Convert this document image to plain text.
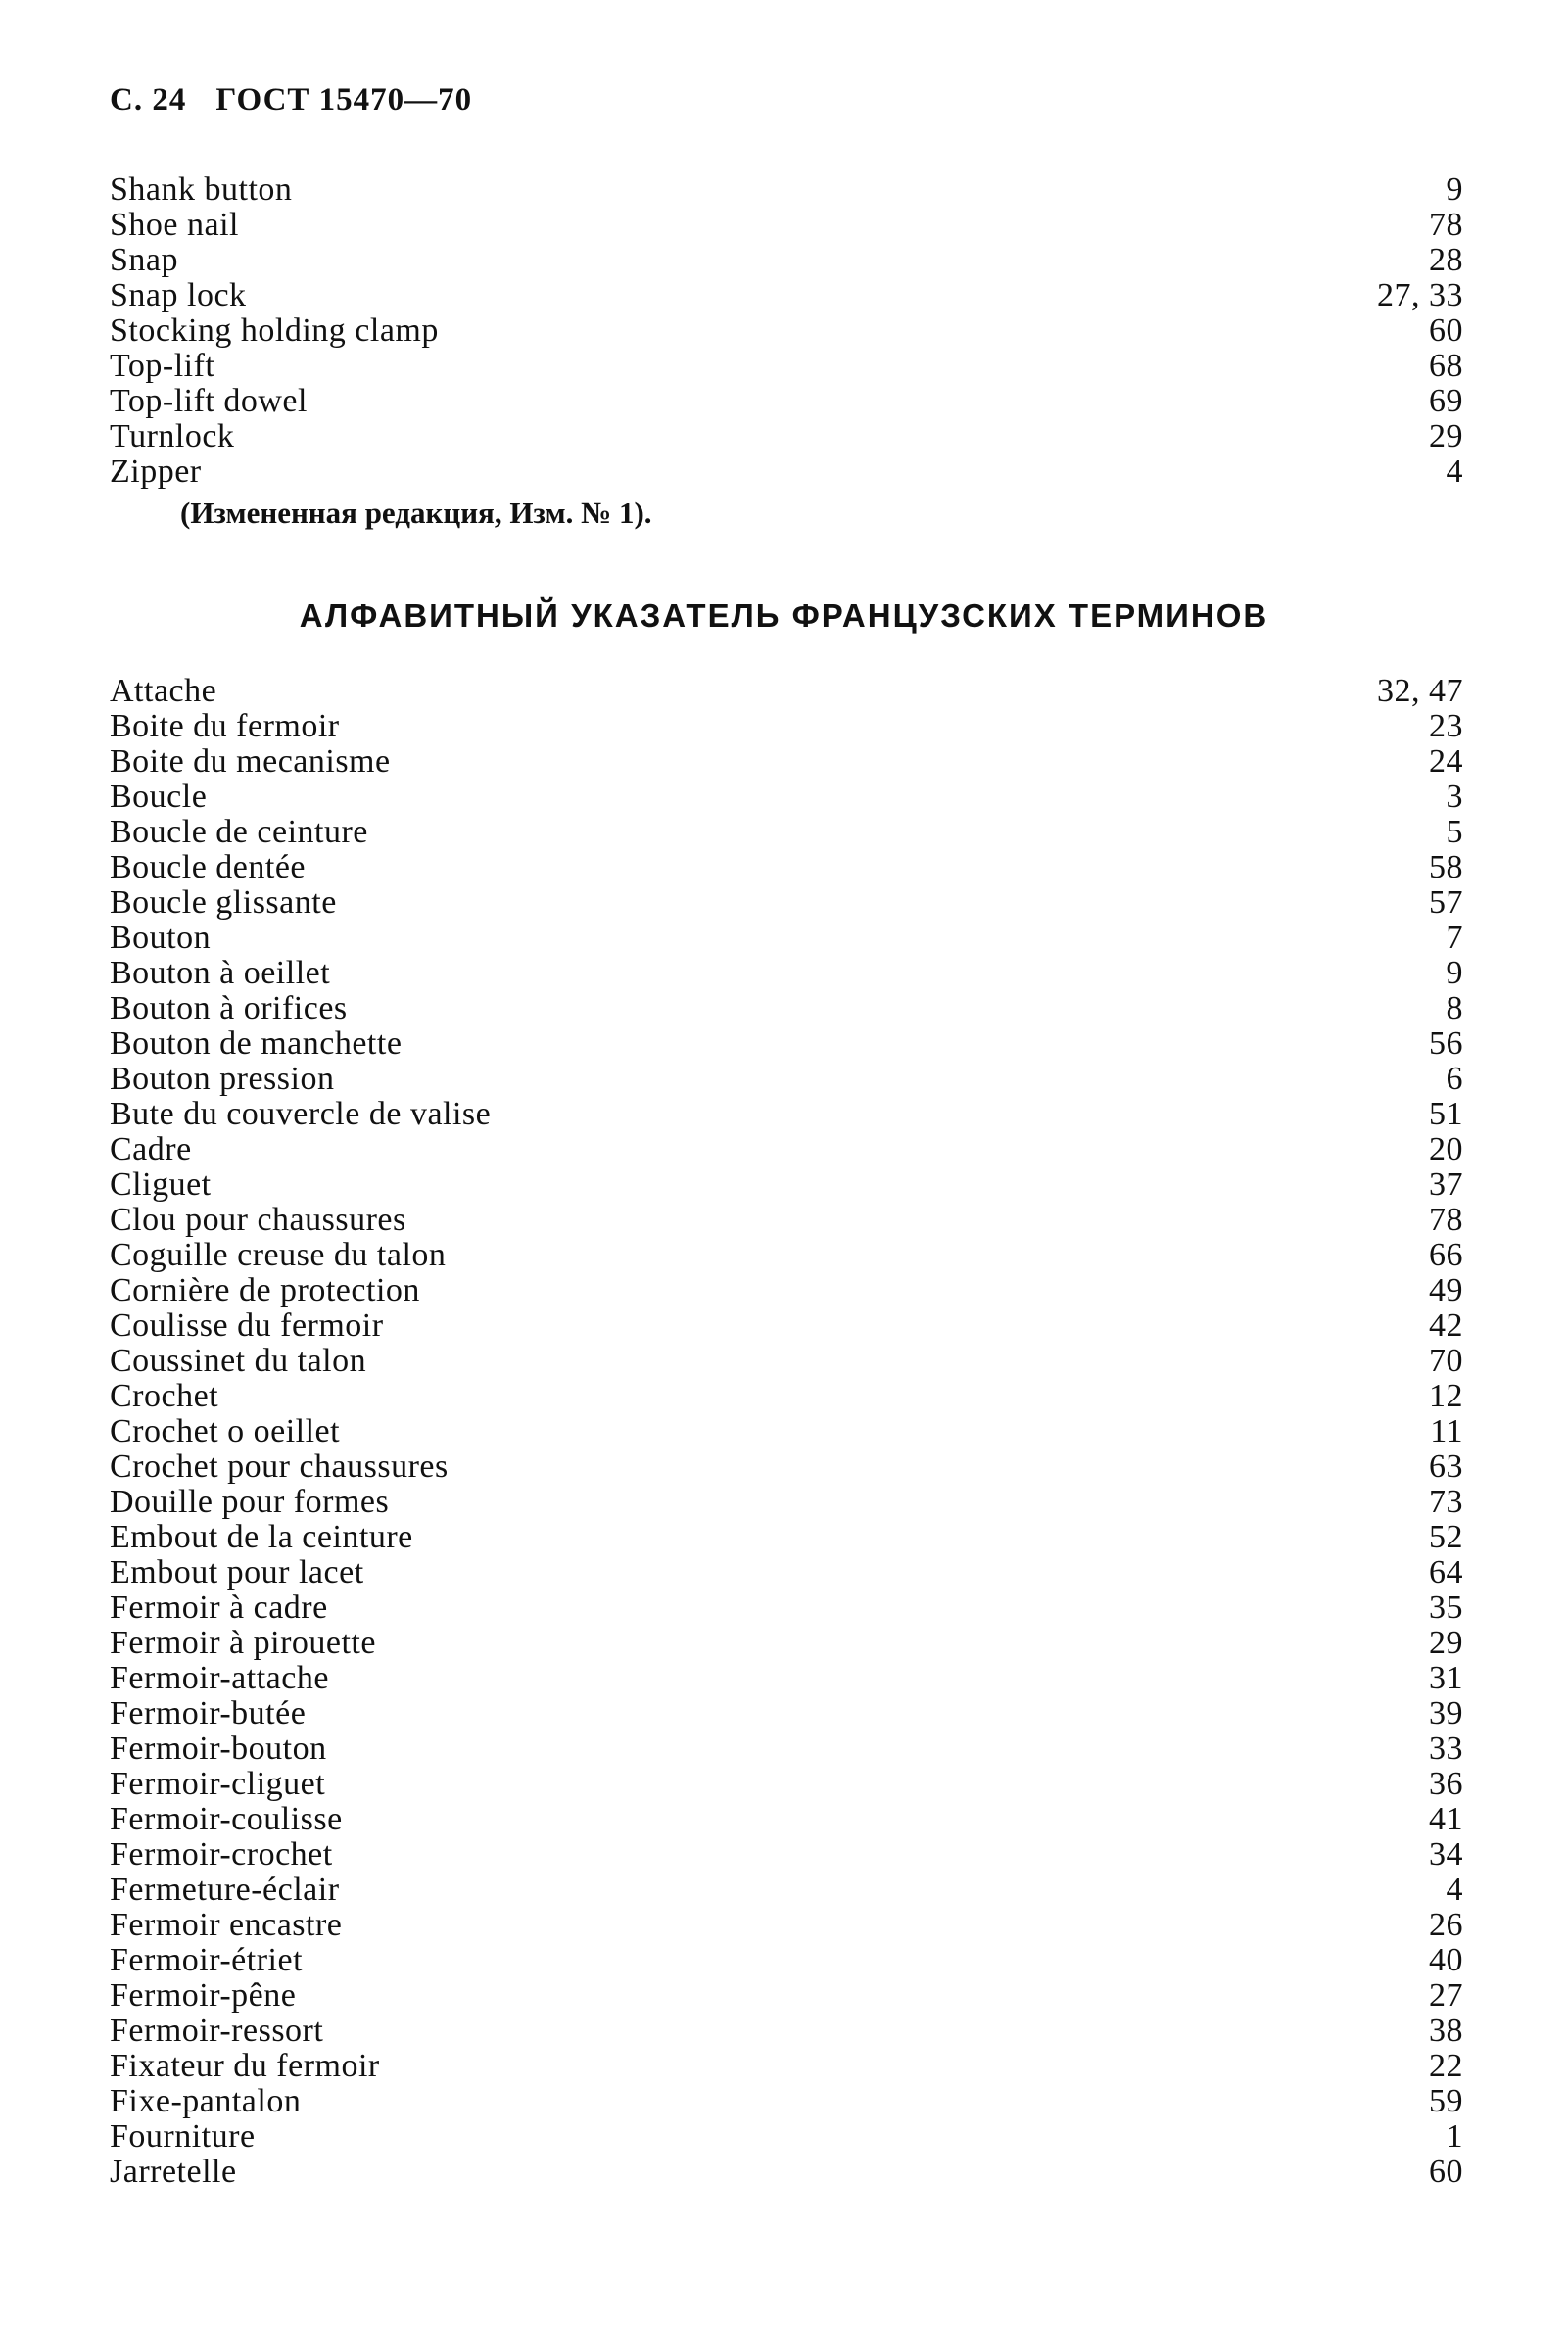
С. 24 ГОСТ 15470—70
Shank button	9
Shoe nail	78
Snap	28
Snap lock	27, 33
Stocking holding clamp	60
Top-lift	68
Top-lift dowel	69
Turnlock	29
Zipper	4
(Измененная редакция, Изм. № 1).
АЛФАВИТНЫЙ УКАЗАТЕЛЬ ФРАНЦУЗСКИХ ТЕРМИНОВ
Attache	32, 47
Boite du fermoir	23
Boite du mecanisme	24
Boucle	3
Boucle de ceinture	5
Boucle dentée	58
Boucle glissante	57
Bouton	7
Bouton à oeillet	9
Bouton à orifices	8
Bouton de manchette	56
Bouton pression	6
Bute du couvercle de valise	51
Cadre	20
Cliguet	37
Clou pour chaussures	78
Coguille creuse du talon	66
Cornière de protection	49
Coulisse du fermoir	42
Coussinet du talon	70
Crochet	12
Crochet o oeillet	11
Crochet pour chaussures	63
Douille pour formes	73
Embout de la ceinture	52
Embout pour lacet	64
Fermoir à cadre	35
Fermoir à pirouette	29
Fermoir-attache	31
Fermoir-butée	39
Fermoir-bouton	33
Fermoir-cliguet	36
Fermoir-coulisse	41
Fermoir-crochet	34
Fermeture-éclair	4
Fermoir encastre	26
Fermoir-étriet	40
Fermoir-pêne	27
Fermoir-ressort	38
Fixateur du fermoir	22
Fixe-pantalon	59
Fourniture	1
Jarretelle	60
